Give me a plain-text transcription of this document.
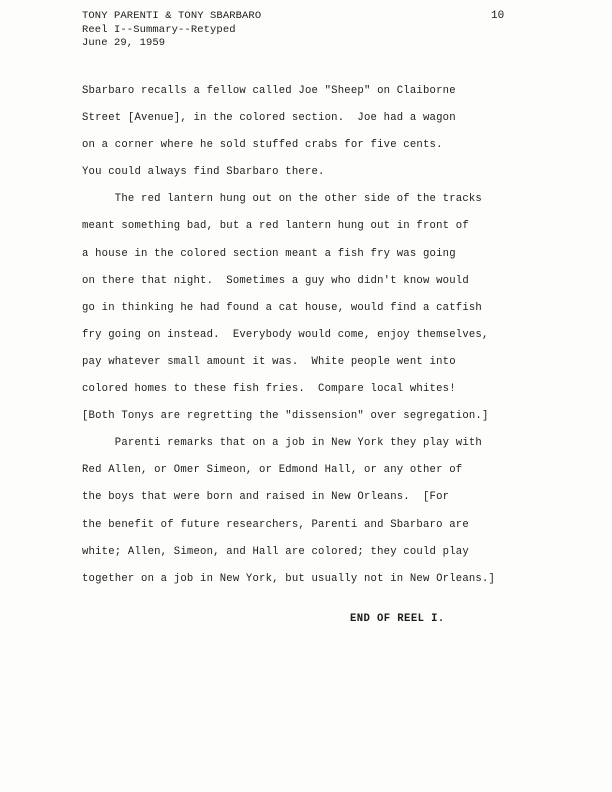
TONY PARENTI & TONY SBARBARO
Reel I--Summary--Retyped
June 29, 1959
10
Sbarbaro recalls a fellow called Joe "Sheep" on Claiborne
Street [Avenue], in the colored section.  Joe had a wagon
on a corner where he sold stuffed crabs for five cents.
You could always find Sbarbaro there.
The red lantern hung out on the other side of the tracks
meant something bad, but a red lantern hung out in front of
a house in the colored section meant a fish fry was going
on there that night.  Sometimes a guy who didn't know would
go in thinking he had found a cat house, would find a catfish
fry going on instead.  Everybody would come, enjoy themselves,
pay whatever small amount it was.  White people went into
colored homes to these fish fries.  Compare local whites!
[Both Tonys are regretting the "dissension" over segregation.]
Parenti remarks that on a job in New York they play with
Red Allen, or Omer Simeon, or Edmond Hall, or any other of
the boys that were born and raised in New Orleans.  [For
the benefit of future researchers, Parenti and Sbarbaro are
white; Allen, Simeon, and Hall are colored; they could play
together on a job in New York, but usually not in New Orleans.]
END OF REEL I.
